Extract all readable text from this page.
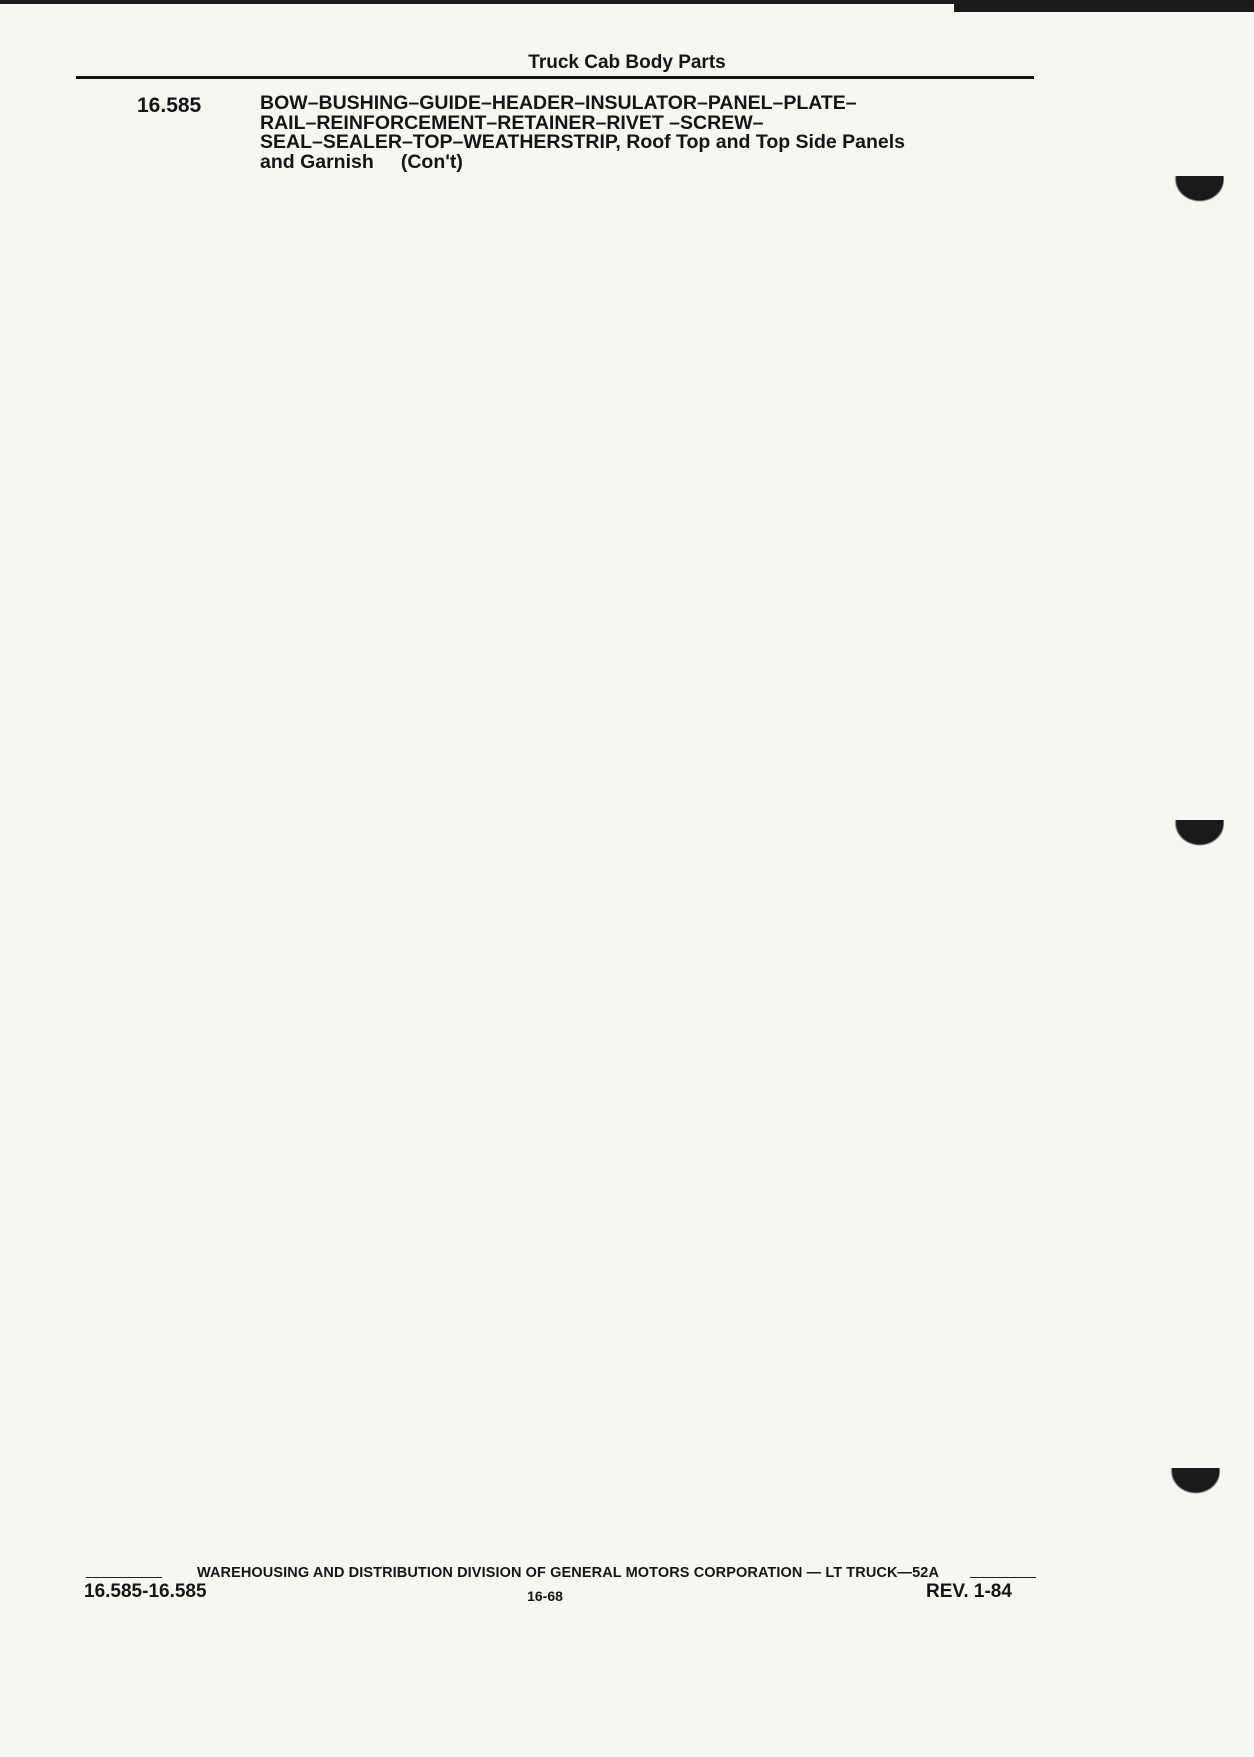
Truck Cab Body Parts
16.585	BOW–BUSHING–GUIDE–HEADER–INSULATOR–PANEL–PLATE–
RAIL–REINFORCEMENT–RETAINER–RIVET –SCREW–
SEAL–SEALER–TOP–WEATHERSTRIP, Roof Top and Top Side Panels
and Garnish     (Con't)
WAREHOUSING AND DISTRIBUTION DIVISION OF GENERAL MOTORS CORPORATION — LT TRUCK—52A
16.585-16.585	16-68	REV. 1-84
